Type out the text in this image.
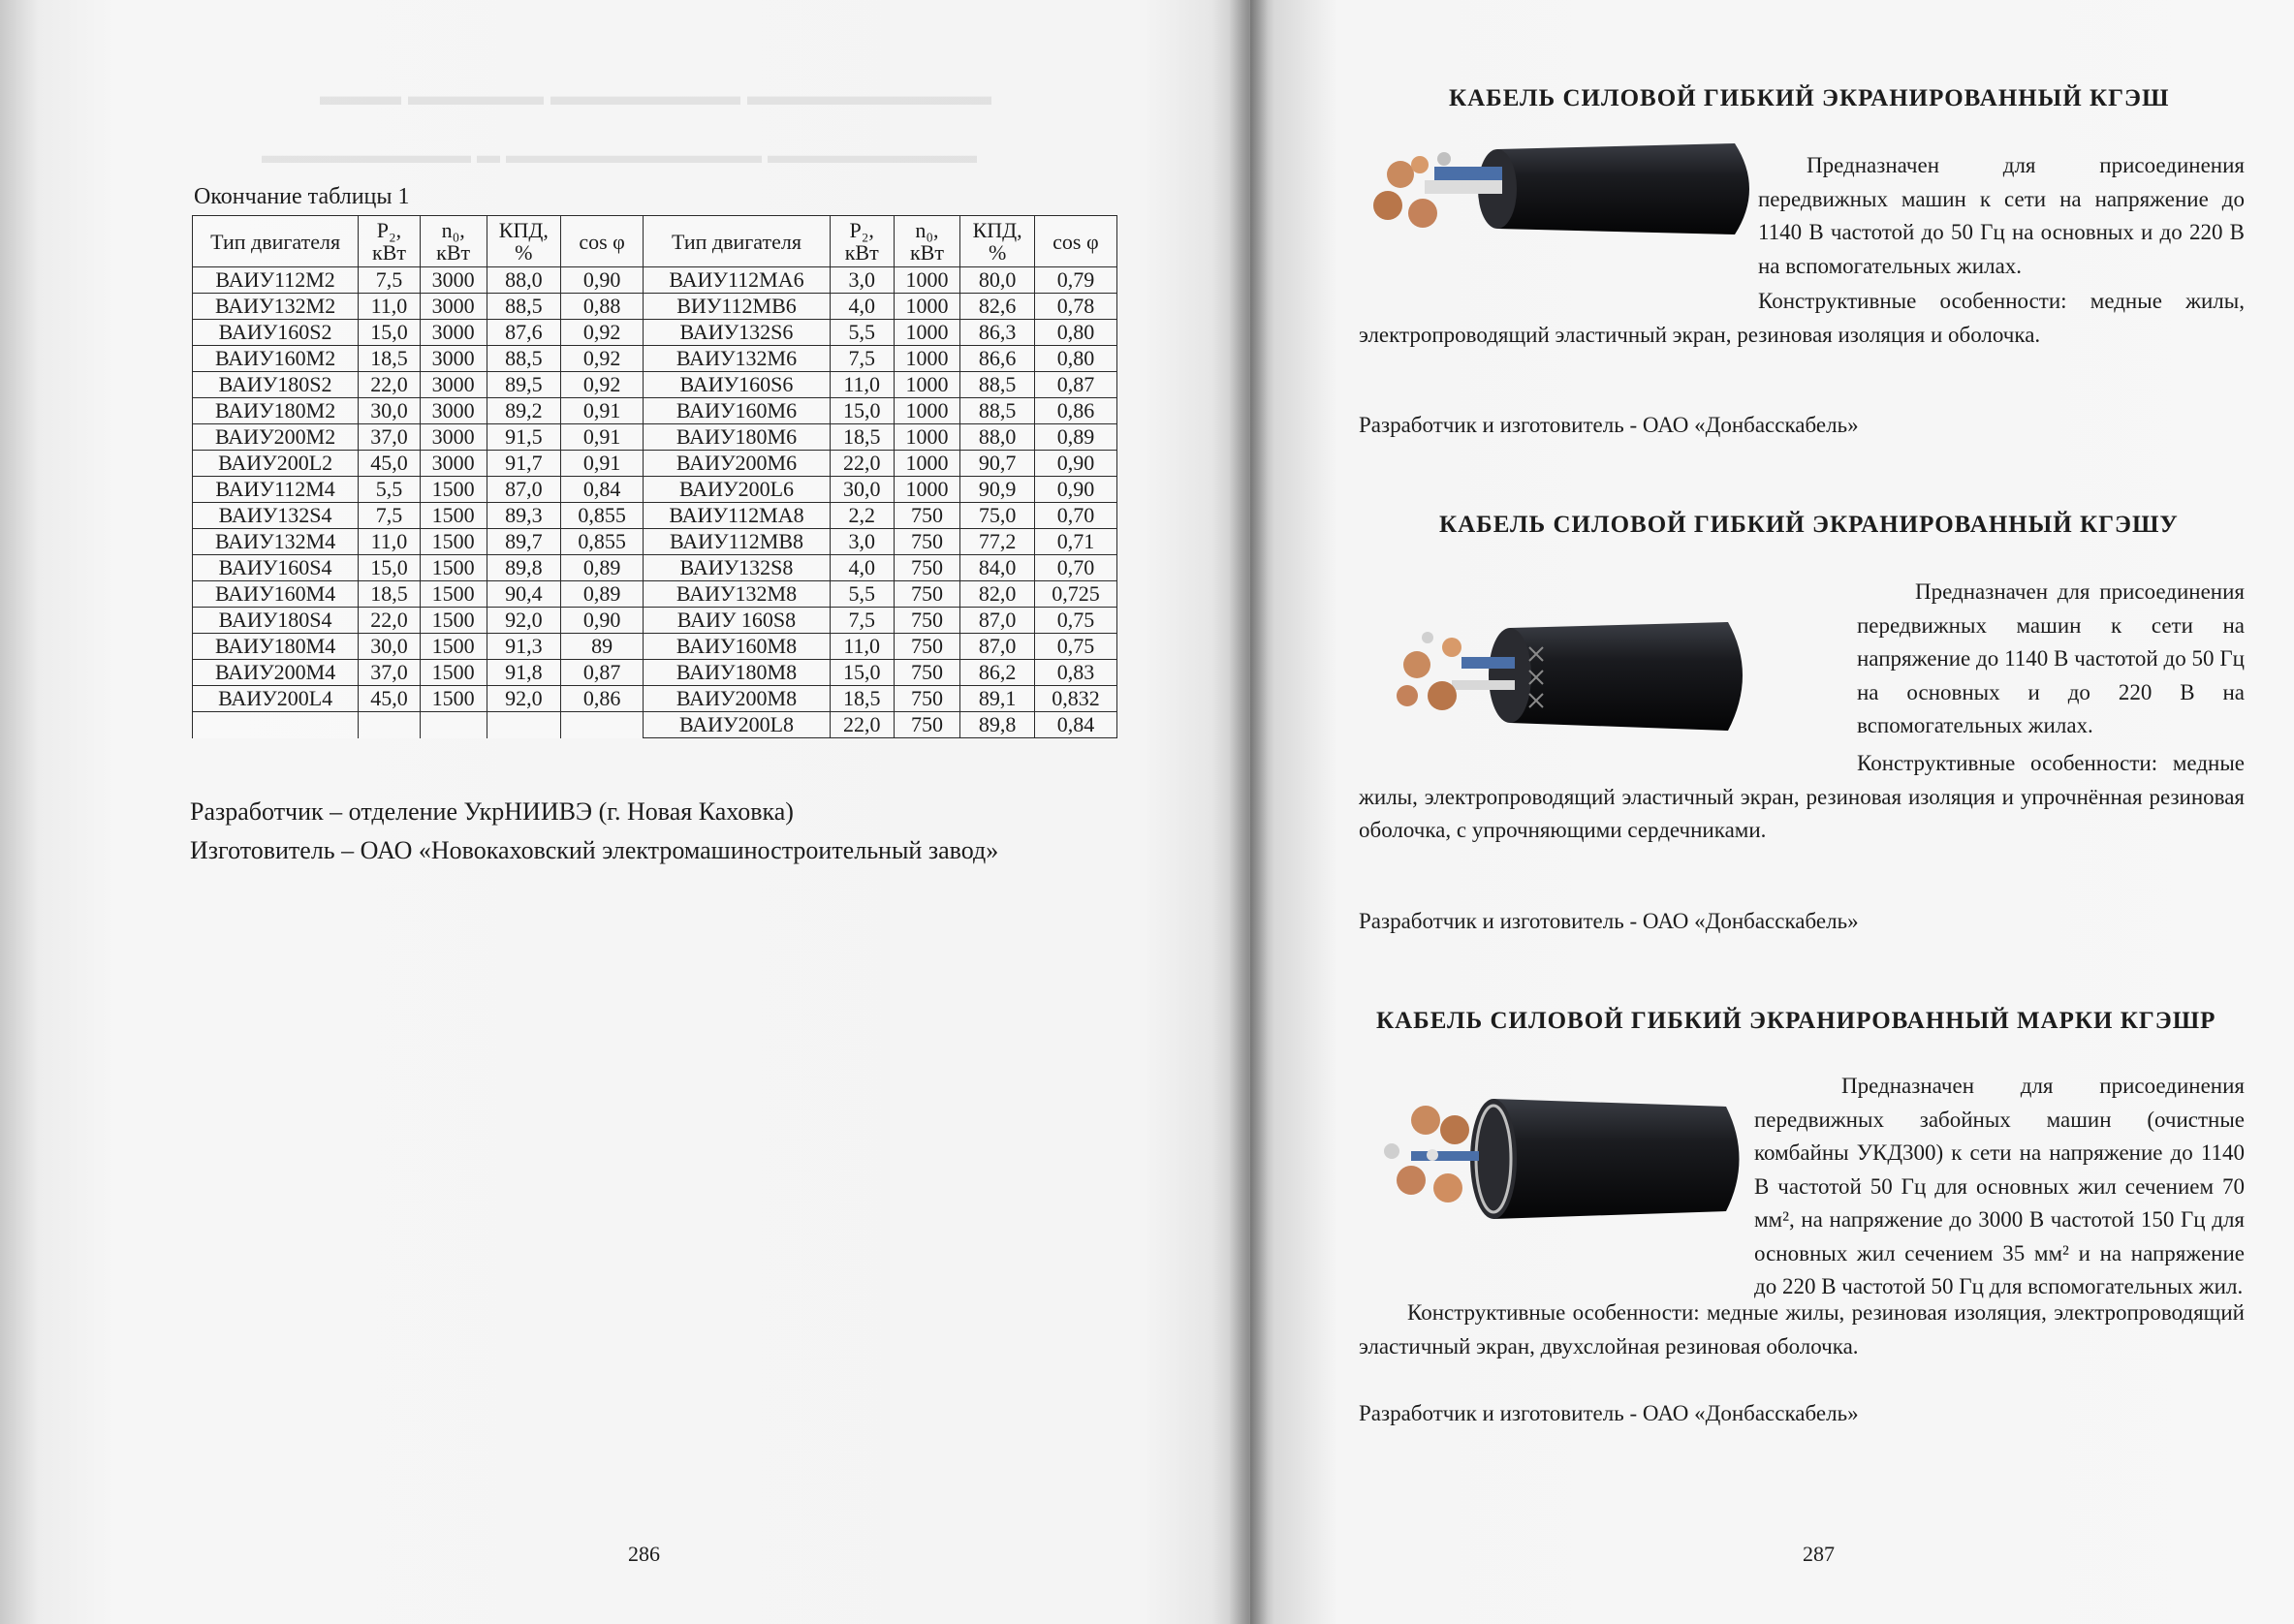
▬▬▬ ▬▬▬▬▬ ▬▬▬▬▬▬▬ ▬▬▬▬▬▬▬▬▬
▬▬▬▬▬▬▬▬▬ ▬ ▬▬▬▬▬▬▬▬▬▬▬ ▬▬▬▬▬▬▬▬▬
Окончание таблицы 1
Тип двигателя	P₂, кВт	n₀, кВт	КПД, %	cos φ	Тип двигателя	P₂, кВт	n₀, кВт	КПД, %	cos φ
ВАИУ112М2	7,5	3000	88,0	0,90	ВАИУ112МА6	3,0	1000	80,0	0,79
ВАИУ132М2	11,0	3000	88,5	0,88	ВИУ112МВ6	4,0	1000	82,6	0,78
ВАИУ160S2	15,0	3000	87,6	0,92	ВАИУ132S6	5,5	1000	86,3	0,80
ВАИУ160М2	18,5	3000	88,5	0,92	ВАИУ132М6	7,5	1000	86,6	0,80
ВАИУ180S2	22,0	3000	89,5	0,92	ВАИУ160S6	11,0	1000	88,5	0,87
ВАИУ180М2	30,0	3000	89,2	0,91	ВАИУ160М6	15,0	1000	88,5	0,86
ВАИУ200М2	37,0	3000	91,5	0,91	ВАИУ180М6	18,5	1000	88,0	0,89
ВАИУ200L2	45,0	3000	91,7	0,91	ВАИУ200М6	22,0	1000	90,7	0,90
ВАИУ112М4	5,5	1500	87,0	0,84	ВАИУ200L6	30,0	1000	90,9	0,90
ВАИУ132S4	7,5	1500	89,3	0,855	ВАИУ112МА8	2,2	750	75,0	0,70
ВАИУ132М4	11,0	1500	89,7	0,855	ВАИУ112МВ8	3,0	750	77,2	0,71
ВАИУ160S4	15,0	1500	89,8	0,89	ВАИУ132S8	4,0	750	84,0	0,70
ВАИУ160М4	18,5	1500	90,4	0,89	ВАИУ132М8	5,5	750	82,0	0,725
ВАИУ180S4	22,0	1500	92,0	0,90	ВАИУ 160S8	7,5	750	87,0	0,75
ВАИУ180М4	30,0	1500	91,3	89	ВАИУ160М8	11,0	750	87,0	0,75
ВАИУ200М4	37,0	1500	91,8	0,87	ВАИУ180М8	15,0	750	86,2	0,83
ВАИУ200L4	45,0	1500	92,0	0,86	ВАИУ200М8	18,5	750	89,1	0,832
					ВАИУ200L8	22,0	750	89,8	0,84
Разработчик – отделение УкрНИИВЭ (г. Новая Каховка)
Изготовитель – ОАО «Новокаховский электромашиностроительный завод»
286
КАБЕЛЬ СИЛОВОЙ ГИБКИЙ ЭКРАНИРОВАННЫЙ КГЭШ

Предназначен для присоединения передвижных машин к сети на напряжение до 1140 В частотой до 50 Гц на основных и до 220 В на вспомогательных жилах.

Конструктивные особенности: медные жилы, электропроводящий эластичный экран, резиновая изоляция и оболочка.

Разработчик и изготовитель - ОАО «Донбасскабель»
КАБЕЛЬ СИЛОВОЙ ГИБКИЙ ЭКРАНИРОВАННЫЙ КГЭШУ

Предназначен для присоединения передвижных машин к сети на напряжение до 1140 В частотой до 50 Гц на основных и до 220 В на вспомогательных жилах.

Конструктивные особенности: медные жилы, электропроводящий эластичный экран, резиновая изоляция и упрочнённая резиновая оболочка, с упрочняющими сердечниками.

Разработчик и изготовитель - ОАО «Донбасскабель»
КАБЕЛЬ СИЛОВОЙ ГИБКИЙ ЭКРАНИРОВАННЫЙ МАРКИ КГЭШР

Предназначен для присоединения передвижных забойных машин (очистные комбайны УКД300) к сети на напряжение до 1140 В частотой 50 Гц для основных жил сечением 70 мм², на напряжение до 3000 В частотой 150 Гц для основных жил сечением 35 мм² и на напряжение до 220 В частотой 50 Гц для вспомогательных жил.

Конструктивные особенности: медные жилы, резиновая изоляция, электропроводящий эластичный экран, двухслойная резиновая оболочка.

Разработчик и изготовитель - ОАО «Донбасскабель»
287
